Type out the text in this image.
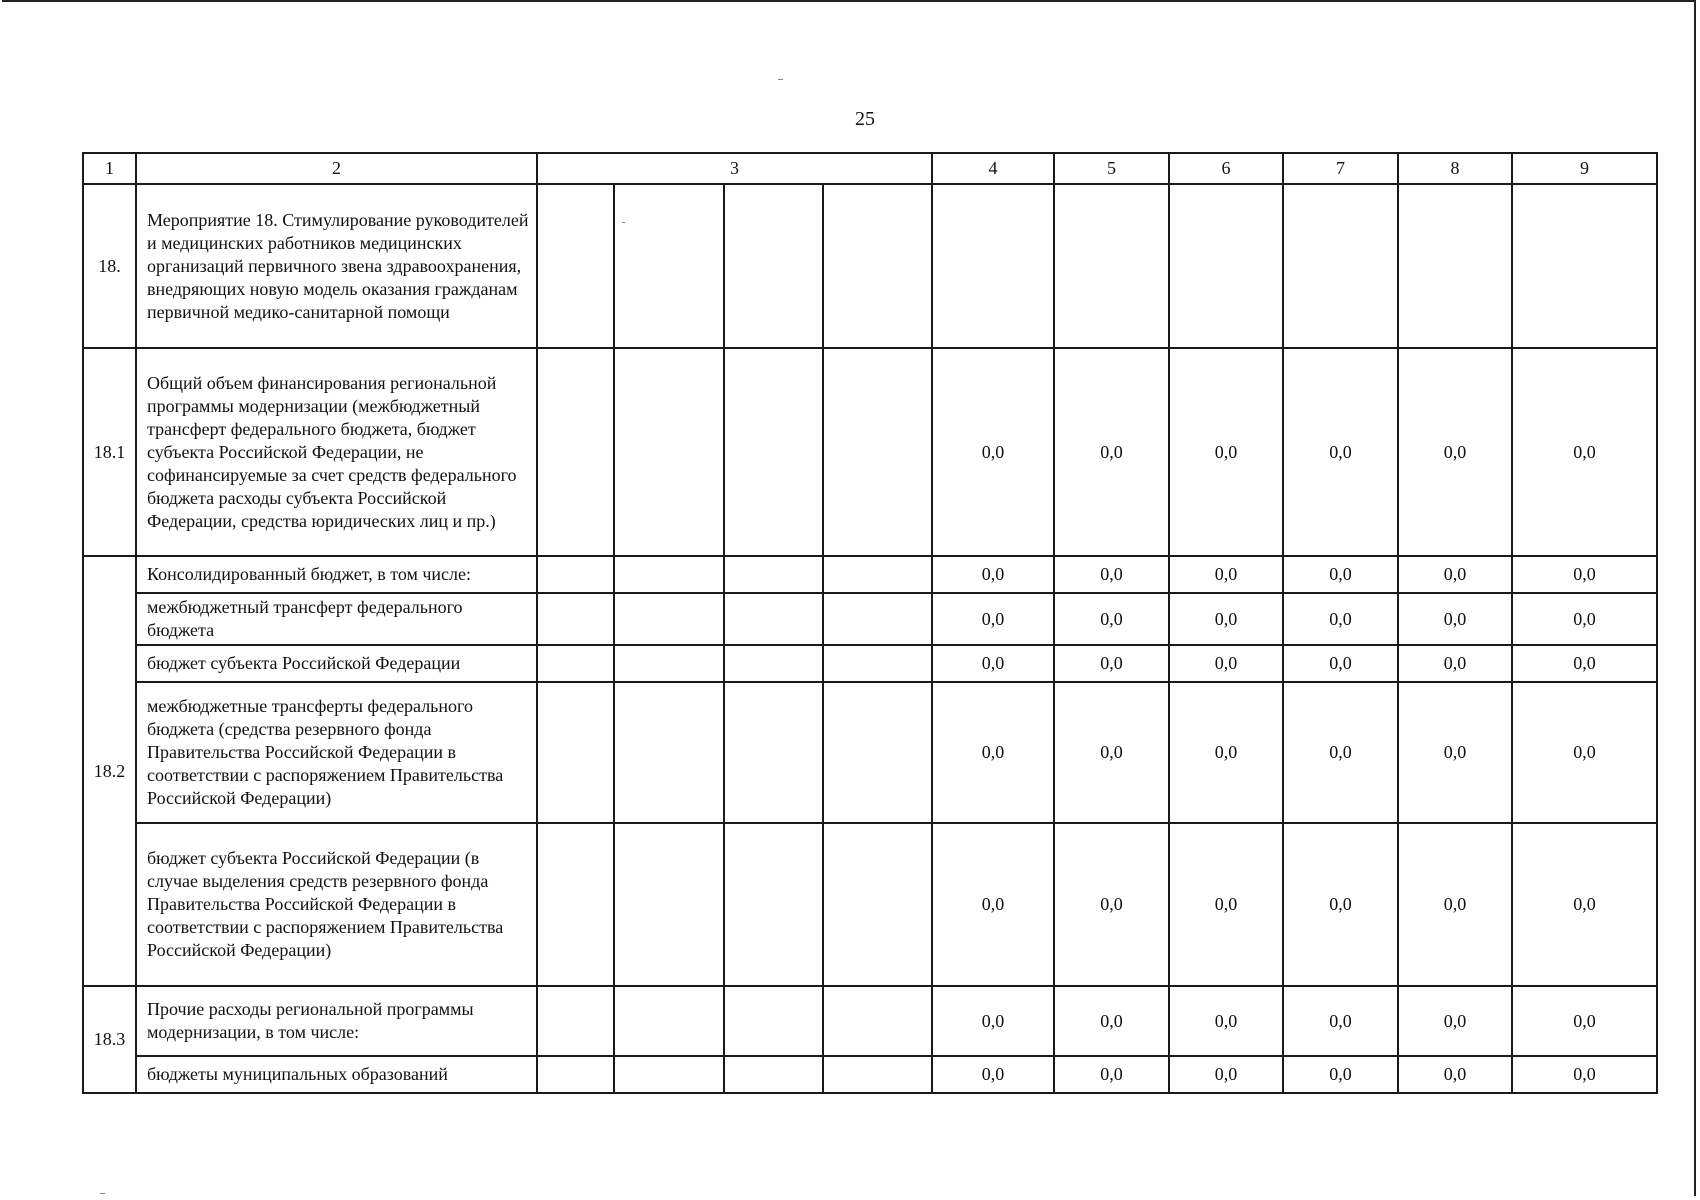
25
1	2	3				4	5	6	7	8	9
18.	Мероприятие 18. Стимулирование руководителей и медицинских работников медицинских организаций первичного звена здравоохранения, внедряющих новую модель оказания гражданам первичной медико-санитарной помощи										
18.1	Общий объем финансирования региональной программы модернизации (межбюджетный трансферт федерального бюджета, бюджет субъекта Российской Федерации, не софинансируемые за счет средств федерального бюджета расходы субъекта Российской Федерации, средства юридических лиц и пр.)					0,0	0,0	0,0	0,0	0,0	0,0
18.2	Консолидированный бюджет, в том числе:					0,0	0,0	0,0	0,0	0,0	0,0
	межбюджетный трансферт федерального бюджета					0,0	0,0	0,0	0,0	0,0	0,0
	бюджет субъекта Российской Федерации					0,0	0,0	0,0	0,0	0,0	0,0
	межбюджетные трансферты федерального бюджета (средства резервного фонда Правительства Российской Федерации в соответствии с распоряжением Правительства Российской Федерации)					0,0	0,0	0,0	0,0	0,0	0,0
	бюджет субъекта Российской Федерации (в случае выделения средств резервного фонда Правительства Российской Федерации в соответствии с распоряжением Правительства Российской Федерации)					0,0	0,0	0,0	0,0	0,0	0,0
18.3	Прочие расходы региональной программы модернизации, в том числе:					0,0	0,0	0,0	0,0	0,0	0,0
	бюджеты муниципальных образований					0,0	0,0	0,0	0,0	0,0	0,0
